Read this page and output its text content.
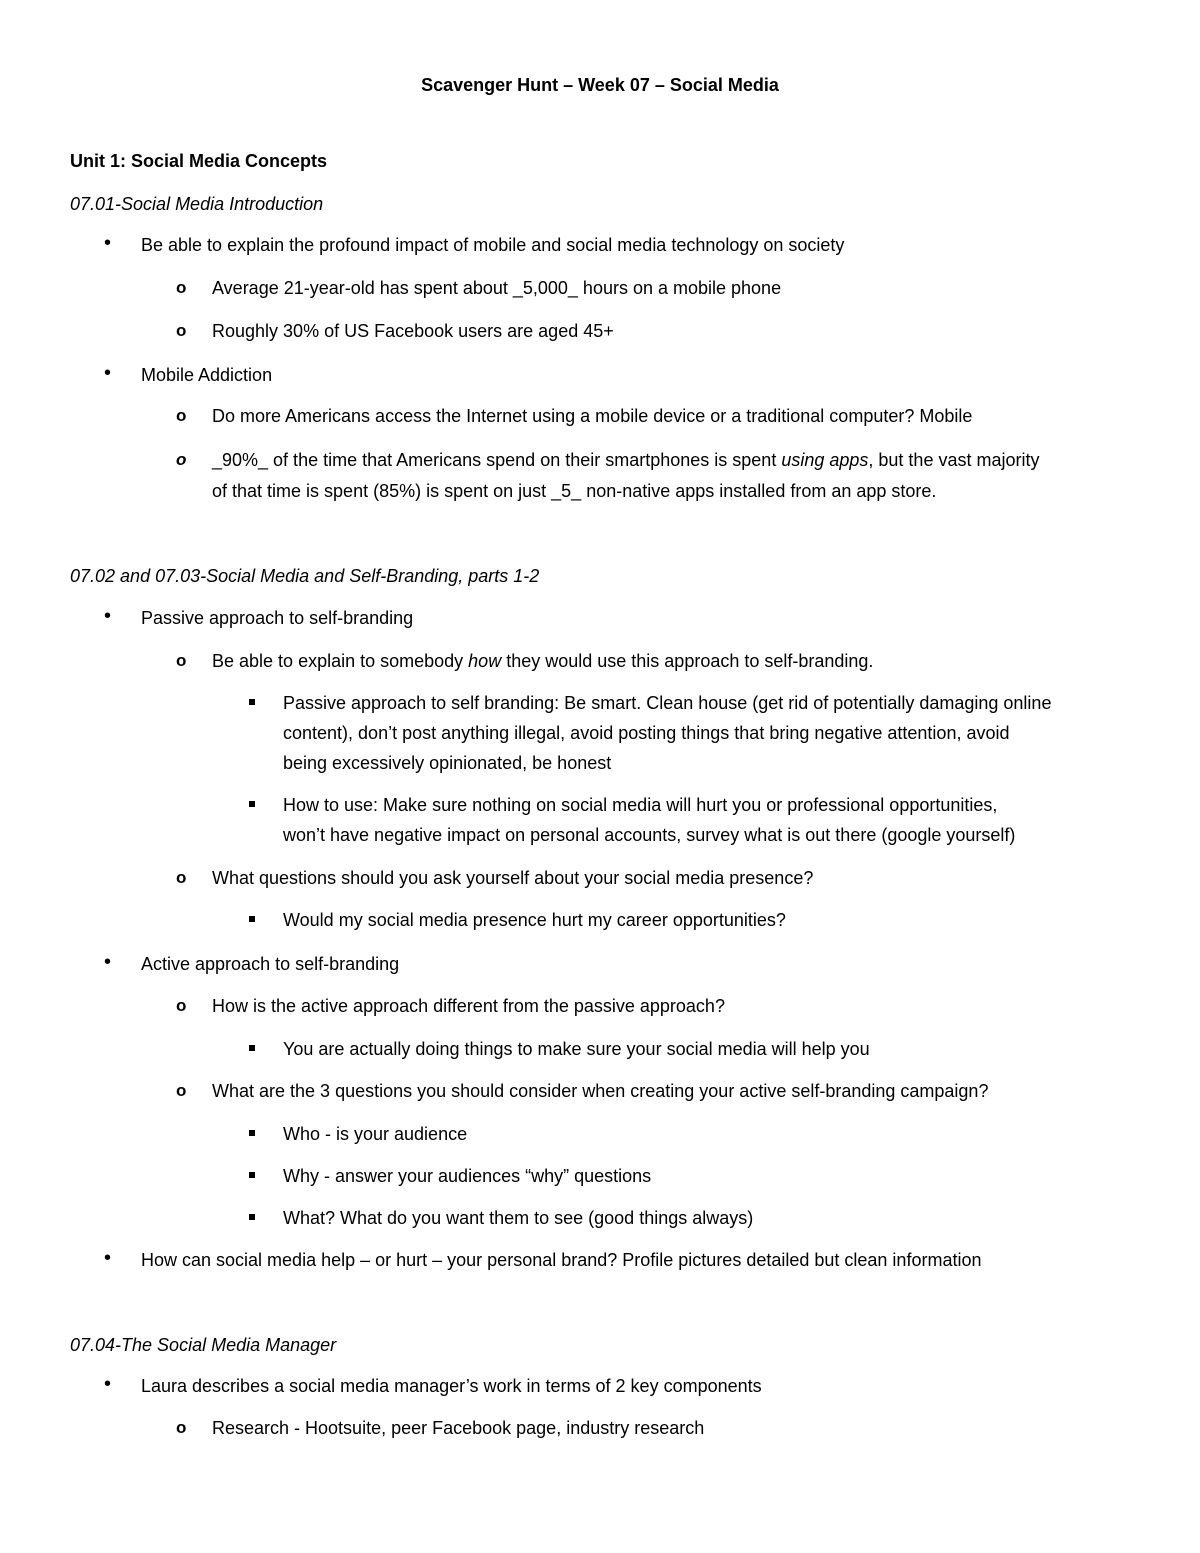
Scavenger Hunt – Week 07 – Social Media
Unit 1: Social Media Concepts
07.01-Social Media Introduction
• Be able to explain the profound impact of mobile and social media technology on society
o Average 21-year-old has spent about _5,000_ hours on a mobile phone
o Roughly 30% of US Facebook users are aged 45+
• Mobile Addiction
o Do more Americans access the Internet using a mobile device or a traditional computer? Mobile
o _90%_ of the time that Americans spend on their smartphones is spent using apps, but the vast majority
of that time is spent (85%) is spent on just _5_ non-native apps installed from an app store.
07.02 and 07.03-Social Media and Self-Branding, parts 1-2
• Passive approach to self-branding
o Be able to explain to somebody how they would use this approach to self-branding.
Passive approach to self branding: Be smart. Clean house (get rid of potentially damaging online
content), don’t post anything illegal, avoid posting things that bring negative attention, avoid
being excessively opinionated, be honest
How to use: Make sure nothing on social media will hurt you or professional opportunities,
won’t have negative impact on personal accounts, survey what is out there (google yourself)
o What questions should you ask yourself about your social media presence?
Would my social media presence hurt my career opportunities?
• Active approach to self-branding
o How is the active approach different from the passive approach?
You are actually doing things to make sure your social media will help you
o What are the 3 questions you should consider when creating your active self-branding campaign?
Who - is your audience
Why - answer your audiences “why” questions
What? What do you want them to see (good things always)
• How can social media help – or hurt – your personal brand? Profile pictures detailed but clean information
07.04-The Social Media Manager
• Laura describes a social media manager’s work in terms of 2 key components
o Research - Hootsuite, peer Facebook page, industry research
